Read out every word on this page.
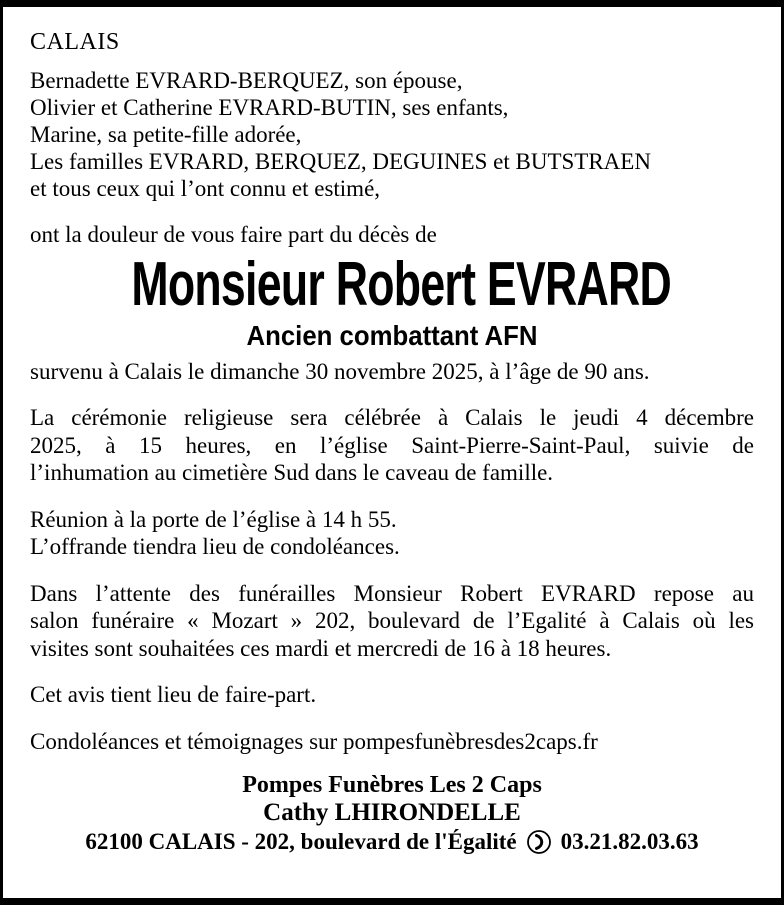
CALAIS
Bernadette EVRARD-BERQUEZ, son épouse,
Olivier et Catherine EVRARD-BUTIN, ses enfants,
Marine, sa petite-fille adorée,
Les familles EVRARD, BERQUEZ, DEGUINES et BUTSTRAEN
et tous ceux qui l’ont connu et estimé,
ont la douleur de vous faire part du décès de
Monsieur Robert EVRARD
Ancien combattant AFN
survenu à Calais le dimanche 30 novembre 2025, à l’âge de 90 ans.
La cérémonie religieuse sera célébrée à Calais le jeudi 4 décembre
2025, à 15 heures, en l’église Saint-Pierre-Saint-Paul, suivie de
l’inhumation au cimetière Sud dans le caveau de famille.
Réunion à la porte de l’église à 14 h 55.
L’offrande tiendra lieu de condoléances.
Dans l’attente des funérailles Monsieur Robert EVRARD repose au
salon funéraire « Mozart » 202, boulevard de l’Egalité à Calais où les
visites sont souhaitées ces mardi et mercredi de 16 à 18 heures.
Cet avis tient lieu de faire-part.
Condoléances et témoignages sur pompesfunèbresdes2caps.fr
Pompes Funèbres Les 2 Caps
Cathy LHIRONDELLE
62100 CALAIS - 202, boulevard de l'Égalité 03.21.82.03.63
